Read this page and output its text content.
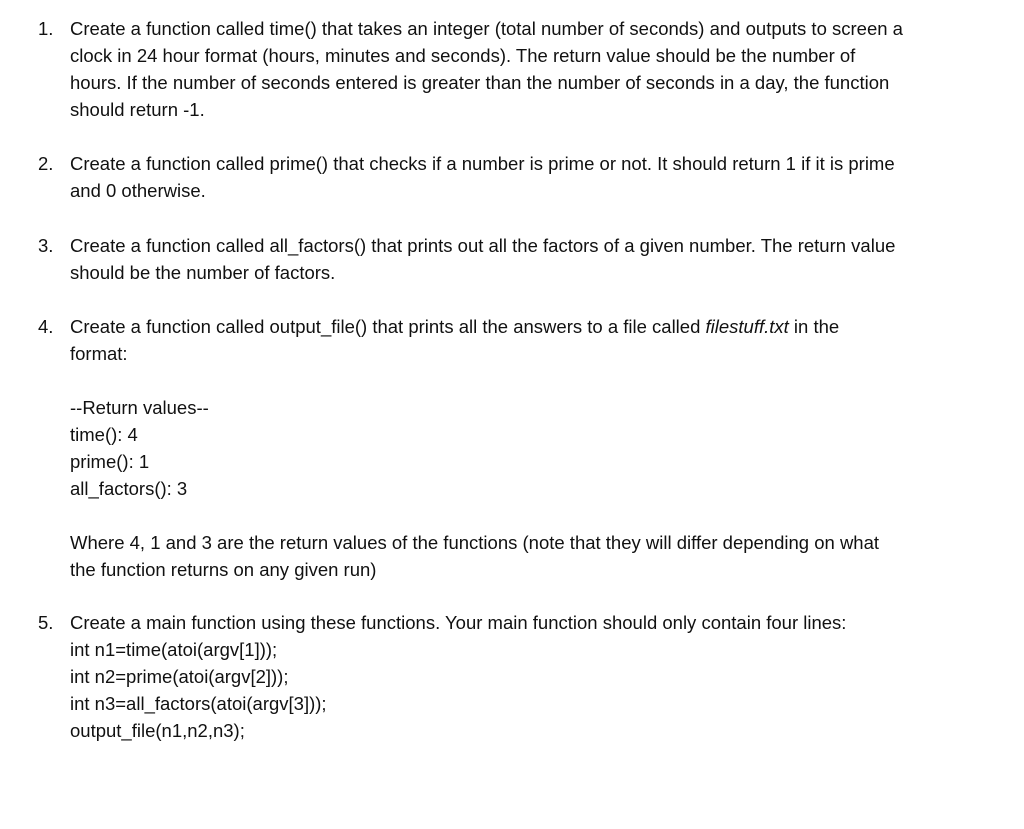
1. Create a function called time() that takes an integer (total number of seconds) and outputs to screen a
clock in 24 hour format (hours, minutes and seconds). The return value should be the number of
hours. If the number of seconds entered is greater than the number of seconds in a day, the function
should return -1.
2. Create a function called prime() that checks if a number is prime or not. It should return 1 if it is prime
and 0 otherwise.
3. Create a function called all_factors() that prints out all the factors of a given number. The return value
should be the number of factors.
4. Create a function called output_file() that prints all the answers to a file called filestuff.txt in the
format:
--Return values--
time(): 4
prime(): 1
all_factors(): 3
Where 4, 1 and 3 are the return values of the functions (note that they will differ depending on what
the function returns on any given run)
5. Create a main function using these functions. Your main function should only contain four lines:
int n1=time(atoi(argv[1]));
int n2=prime(atoi(argv[2]));
int n3=all_factors(atoi(argv[3]));
output_file(n1,n2,n3);
